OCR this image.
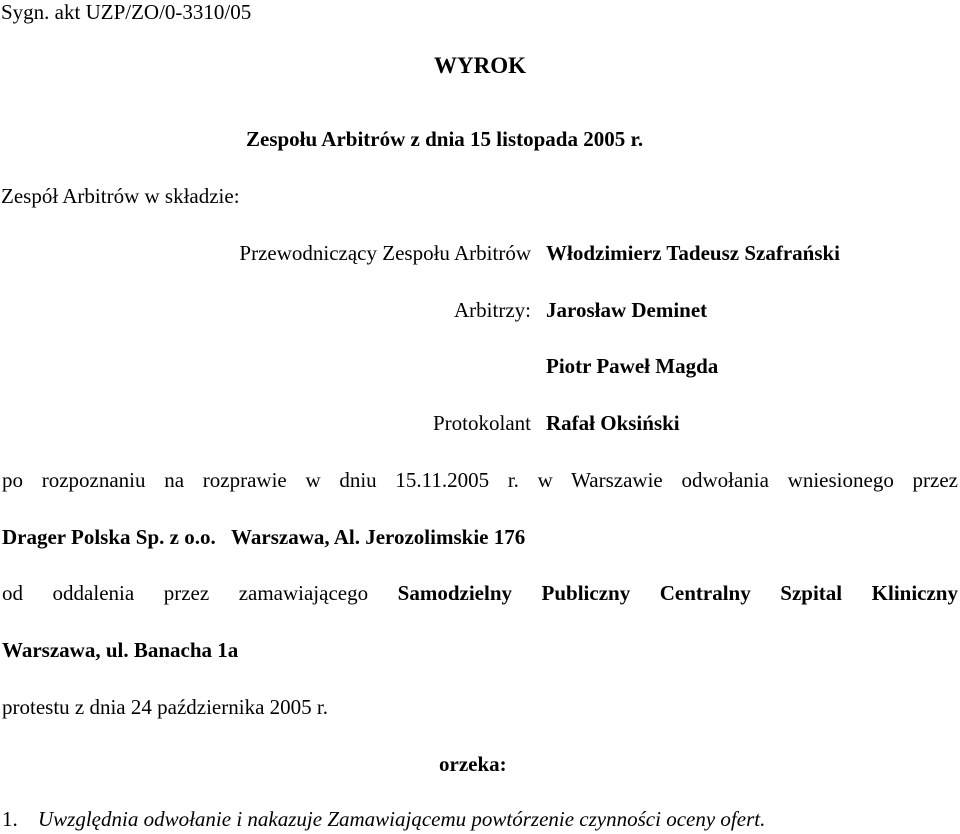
Sygn. akt UZP/ZO/0-3310/05
WYROK
Zespołu Arbitrów z dnia 15 listopada 2005 r.
Zespół Arbitrów w składzie:
Przewodniczący Zespołu Arbitrów Włodzimierz Tadeusz Szafrański
Arbitrzy: Jarosław Deminet
Piotr Paweł Magda
Protokolant Rafał Oksiński
po rozpoznaniu na rozprawie w dniu 15.11.2005 r. w Warszawie odwołania wniesionego przez
Drager Polska Sp. z o.o.   Warszawa, Al. Jerozolimskie 176
od oddalenia przez zamawiającego Samodzielny Publiczny Centralny Szpital Kliniczny
Warszawa, ul. Banacha 1a
protestu z dnia 24 października 2005 r.
orzeka:
1. Uwzględnia odwołanie i nakazuje Zamawiającemu powtórzenie czynności oceny ofert.
